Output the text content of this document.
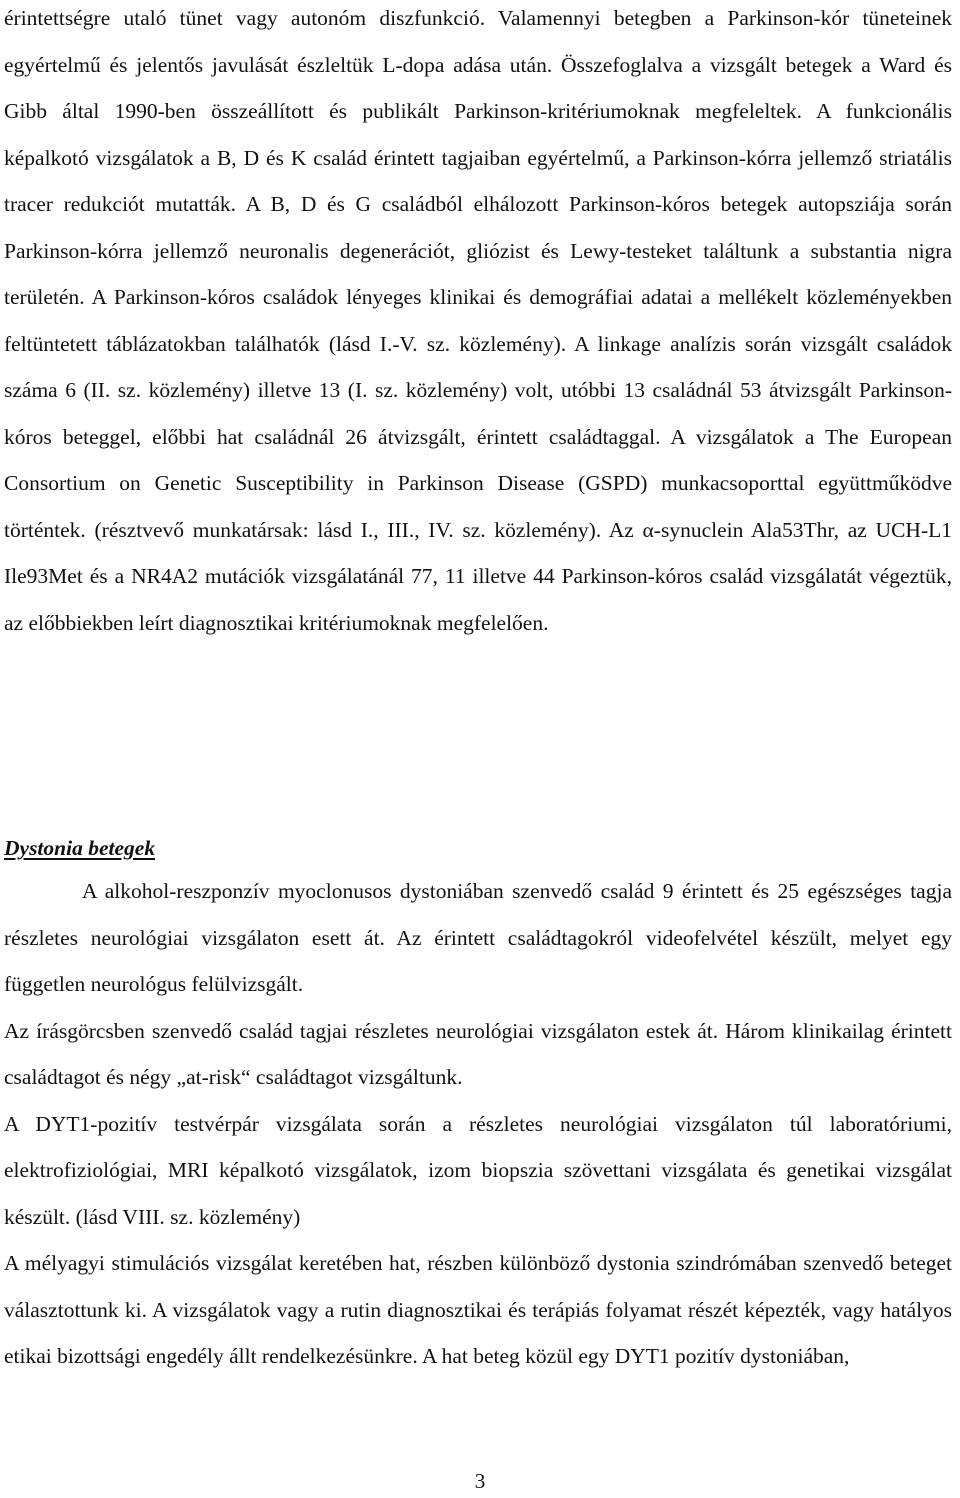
érintettségre utaló tünet vagy autonóm diszfunkció. Valamennyi betegben a Parkinson-kór tüneteinek egyértelmű és jelentős javulását észleltük L-dopa adása után. Összefoglalva a vizsgált betegek a Ward és Gibb által 1990-ben összeállított és publikált Parkinson-kritériumoknak megfeleltek. A funkcionális képalkotó vizsgálatok a B, D és K család érintett tagjaiban egyértelmű, a Parkinson-kórra jellemző striatális tracer redukciót mutatták. A B, D és G családból elhálozott Parkinson-kóros betegek autopsziája során Parkinson-kórra jellemző neuronalis degenerációt, gliózist és Lewy-testeket találtunk a substantia nigra területén. A Parkinson-kóros családok lényeges klinikai és demográfiai adatai a mellékelt közleményekben feltüntetett táblázatokban találhatók (lásd I.-V. sz. közlemény). A linkage analízis során vizsgált családok száma 6 (II. sz. közlemény) illetve 13 (I. sz. közlemény) volt, utóbbi 13 családnál 53 átvizsgált Parkinson-kóros beteggel, előbbi hat családnál 26 átvizsgált, érintett családtaggal. A vizsgálatok a The European Consortium on Genetic Susceptibility in Parkinson Disease (GSPD) munkacsoporttal együttműködve történtek. (résztvevő munkatársak: lásd I., III., IV. sz. közlemény). Az α-synuclein Ala53Thr, az UCH-L1 Ile93Met és a NR4A2 mutációk vizsgálatánál 77, 11 illetve 44 Parkinson-kóros család vizsgálatát végeztük, az előbbiekben leírt diagnosztikai kritériumoknak megfelelően.
Dystonia betegek
A alkohol-reszponzív myoclonusos dystoniában szenvedő család 9 érintett és 25 egészséges tagja részletes neurológiai vizsgálaton esett át. Az érintett családtagokról videofelvétel készült, melyet egy független neurológus felülvizsgált.
Az írásgörcsben szenvedő család tagjai részletes neurológiai vizsgálaton estek át. Három klinikailag érintett családtagot és négy „at-risk“ családtagot vizsgáltunk.
A DYT1-pozitív testvérpár vizsgálata során a részletes neurológiai vizsgálaton túl laboratóriumi, elektrofiziológiai, MRI képalkotó vizsgálatok, izom biopszia szövettani vizsgálata és genetikai vizsgálat készült. (lásd VIII. sz. közlemény)
A mélyagyi stimulációs vizsgálat keretében hat, részben különböző dystonia szindrómában szenvedő beteget választottunk ki. A vizsgálatok vagy a rutin diagnosztikai és terápiás folyamat részét képezték, vagy hatályos etikai bizottsági engedély állt rendelkezésünkre. A hat beteg közül egy DYT1 pozitív dystoniában,
3
